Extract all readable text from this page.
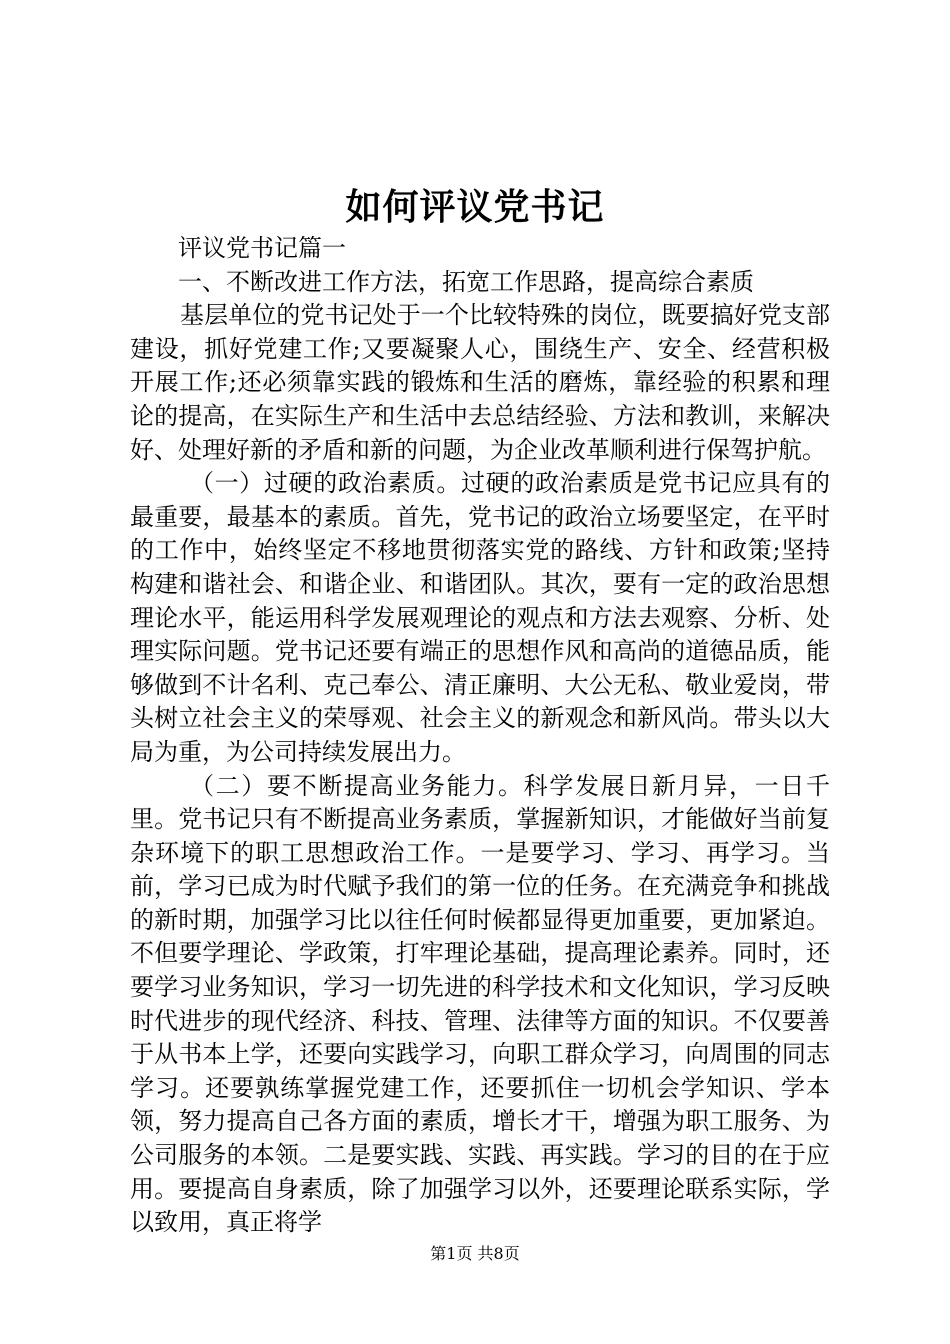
如何评议党书记

评议党书记篇一

一、不断改进工作方法，拓宽工作思路，提高综合素质

基层单位的党书记处于一个比较特殊的岗位，既要搞好党支部建设，抓好党建工作;又要凝聚人心，围绕生产、安全、经营积极开展工作;还必须靠实践的锻炼和生活的磨炼，靠经验的积累和理论的提高，在实际生产和生活中去总结经验、方法和教训，来解决好、处理好新的矛盾和新的问题，为企业改革顺利进行保驾护航。

（一）过硬的政治素质。过硬的政治素质是党书记应具有的最重要，最基本的素质。首先，党书记的政治立场要坚定，在平时的工作中，始终坚定不移地贯彻落实党的路线、方针和政策;坚持构建和谐社会、和谐企业、和谐团队。其次，要有一定的政治思想理论水平，能运用科学发展观理论的观点和方法去观察、分析、处理实际问题。党书记还要有端正的思想作风和高尚的道德品质，能够做到不计名利、克己奉公、清正廉明、大公无私、敬业爱岗，带头树立社会主义的荣辱观、社会主义的新观念和新风尚。带头以大局为重，为公司持续发展出力。

（二）要不断提高业务能力。科学发展日新月异，一日千里。党书记只有不断提高业务素质，掌握新知识，才能做好当前复杂环境下的职工思想政治工作。一是要学习、学习、再学习。当前，学习已成为时代赋予我们的第一位的任务。在充满竞争和挑战的新时期，加强学习比以往任何时候都显得更加重要，更加紧迫。不但要学理论、学政策，打牢理论基础，提高理论素养。同时，还要学习业务知识，学习一切先进的科学技术和文化知识，学习反映时代进步的现代经济、科技、管理、法律等方面的知识。不仅要善于从书本上学，还要向实践学习，向职工群众学习，向周围的同志学习。还要孰练掌握党建工作，还要抓住一切机会学知识、学本领，努力提高自己各方面的素质，增长才干，增强为职工服务、为公司服务的本领。二是要实践、实践、再实践。学习的目的在于应用。要提高自身素质，除了加强学习以外，还要理论联系实际，学以致用，真正将学

第1页 共8页
